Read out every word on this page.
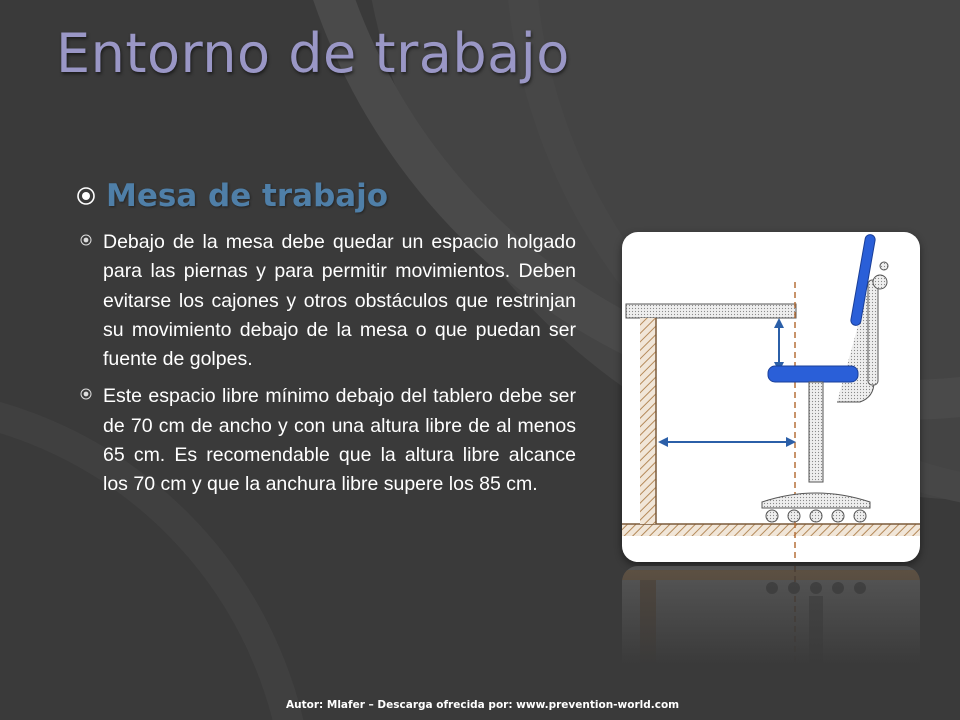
Entorno de trabajo
Mesa de trabajo

Debajo de la mesa debe quedar un espacio holgado para las piernas y para permitir movimientos. Deben evitarse los cajones y otros obstáculos que restrinjan su movimiento debajo de la mesa o que puedan ser fuente de golpes.

Este espacio libre mínimo debajo del tablero debe ser de 70 cm de ancho y con una altura libre de al menos 65 cm. Es recomendable que la altura libre alcance los 70 cm y que la anchura libre supere los 85 cm.

Autor: Mlafer – Descarga ofrecida por: www.prevention-world.com
